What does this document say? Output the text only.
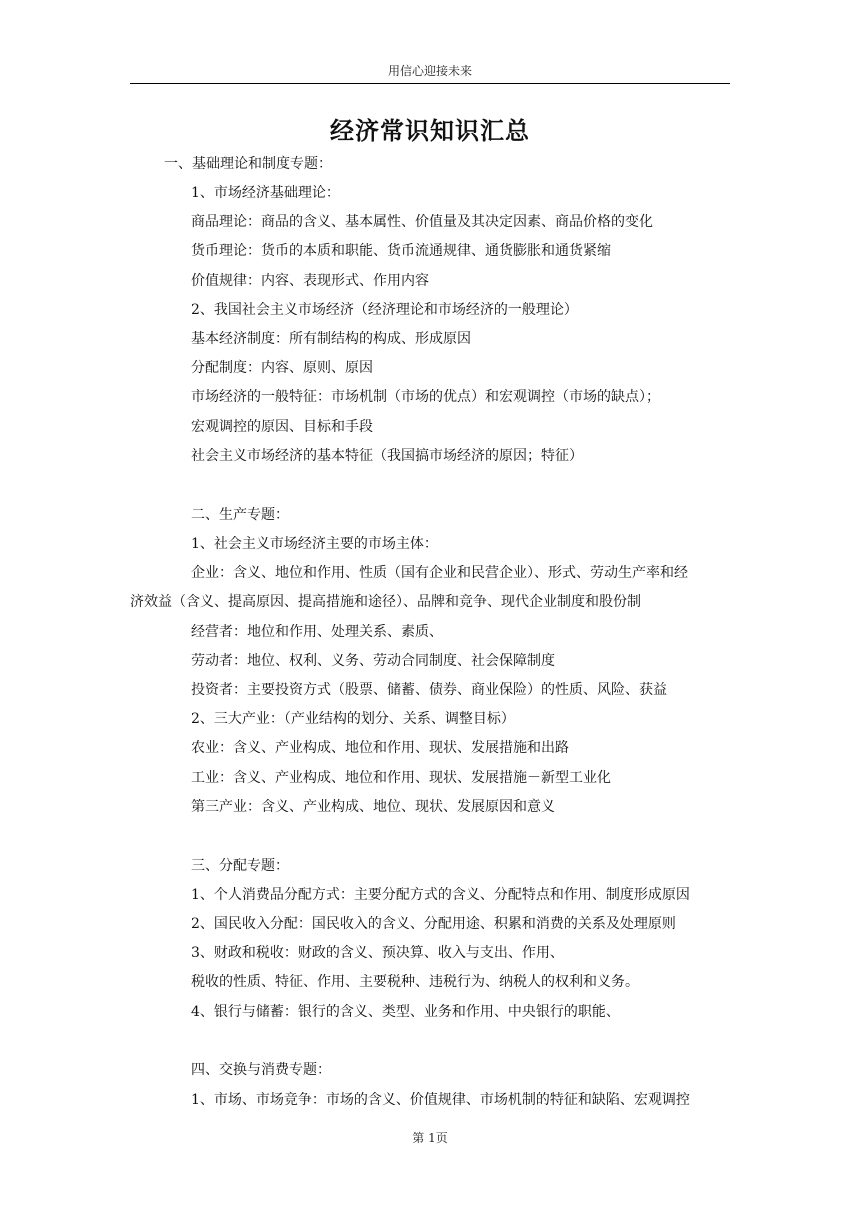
用信心迎接未来
经济常识知识汇总
一、基础理论和制度专题：
1、市场经济基础理论：
商品理论：商品的含义、基本属性、价值量及其决定因素、商品价格的变化
货币理论：货币的本质和职能、货币流通规律、通货膨胀和通货紧缩
价值规律：内容、表现形式、作用内容
2、我国社会主义市场经济（经济理论和市场经济的一般理论）
基本经济制度：所有制结构的构成、形成原因
分配制度：内容、原则、原因
市场经济的一般特征：市场机制（市场的优点）和宏观调控（市场的缺点）；
宏观调控的原因、目标和手段
社会主义市场经济的基本特征（我国搞市场经济的原因；特征）
二、生产专题：
1、社会主义市场经济主要的市场主体：
企业：含义、地位和作用、性质（国有企业和民营企业）、形式、劳动生产率和经
济效益（含义、提高原因、提高措施和途径）、品牌和竞争、现代企业制度和股份制
经营者：地位和作用、处理关系、素质、
劳动者：地位、权利、义务、劳动合同制度、社会保障制度
投资者：主要投资方式（股票、储蓄、债券、商业保险）的性质、风险、获益
2、三大产业：（产业结构的划分、关系、调整目标）
农业：含义、产业构成、地位和作用、现状、发展措施和出路
工业：含义、产业构成、地位和作用、现状、发展措施－新型工业化
第三产业：含义、产业构成、地位、现状、发展原因和意义
三、分配专题：
1、个人消费品分配方式：主要分配方式的含义、分配特点和作用、制度形成原因
2、国民收入分配：国民收入的含义、分配用途、积累和消费的关系及处理原则
3、财政和税收：财政的含义、预决算、收入与支出、作用、
税收的性质、特征、作用、主要税种、违税行为、纳税人的权利和义务。
4、银行与储蓄：银行的含义、类型、业务和作用、中央银行的职能、
四、交换与消费专题：
1、市场、市场竞争：市场的含义、价值规律、市场机制的特征和缺陷、宏观调控
第 1页
